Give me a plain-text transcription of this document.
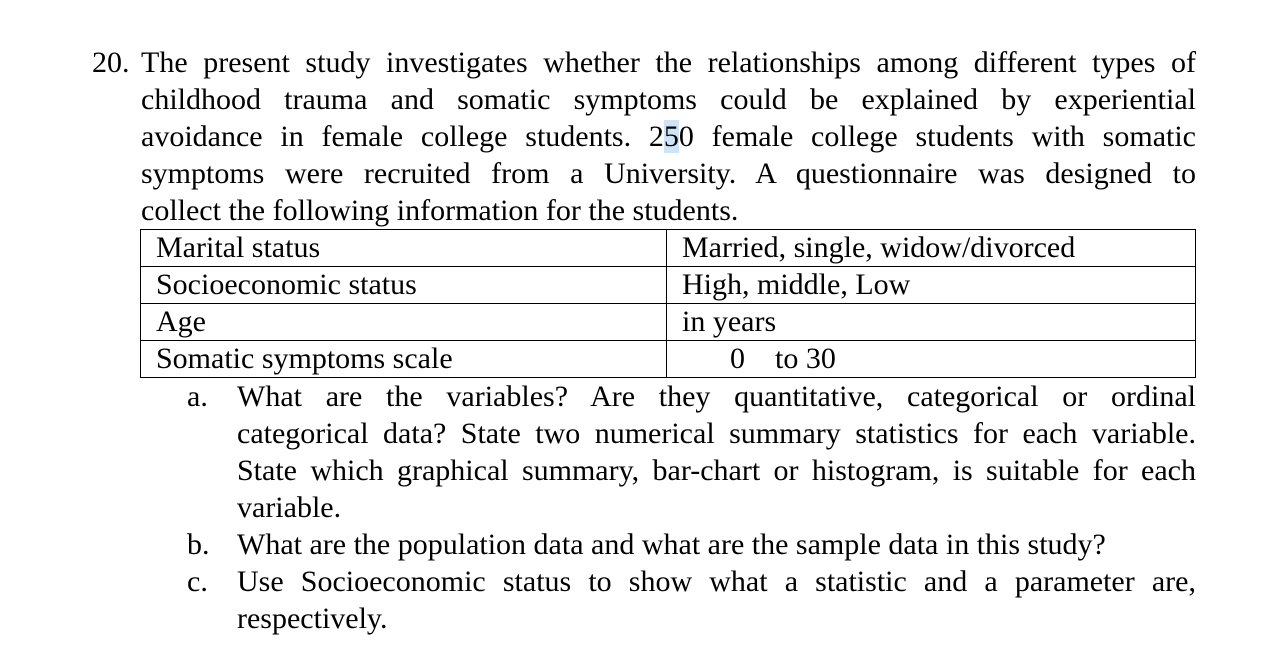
20. The present study investigates whether the relationships among different types of
childhood trauma and somatic symptoms could be explained by experiential
avoidance in female college students. 250 female college students with somatic
symptoms were recruited from a University. A questionnaire was designed to
collect the following information for the students.
Marital status	Married, single, widow/divorced
Socioeconomic status	High, middle, Low
Age	in years
Somatic symptoms scale	0 to 30
a. What are the variables? Are they quantitative, categorical or ordinal
categorical data? State two numerical summary statistics for each variable.
State which graphical summary, bar-chart or histogram, is suitable for each
variable.
b. What are the population data and what are the sample data in this study?
c. Use Socioeconomic status to show what a statistic and a parameter are,
respectively.
